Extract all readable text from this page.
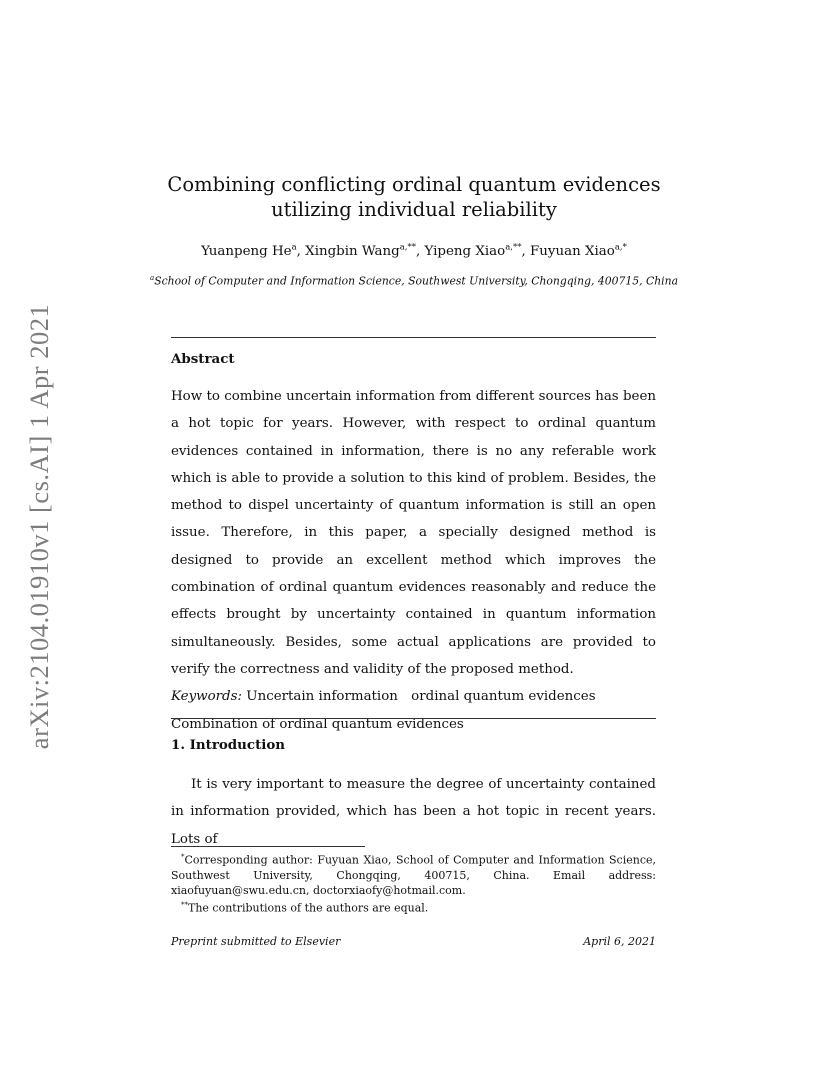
arXiv:2104.01910v1 [cs.AI] 1 Apr 2021
Combining conflicting ordinal quantum evidences
utilizing individual reliability
Yuanpeng He$^a$, Xingbin Wang$^{a,**}$, Yipeng Xiao$^{a,**}$, Fuyuan Xiao$^{a,*}$
$^a$School of Computer and Information Science, Southwest University, Chongqing, 400715, China
Abstract
How to combine uncertain information from different sources has been a hot topic for years. However, with respect to ordinal quantum evidences contained in information, there is no any referable work which is able to provide a solution to this kind of problem. Besides, the method to dispel uncertainty of quantum information is still an open issue. Therefore, in this paper, a specially designed method is designed to provide an excellent method which improves the combination of ordinal quantum evidences reasonably and reduce the effects brought by uncertainty contained in quantum information simultaneously. Besides, some actual applications are provided to verify the correctness and validity of the proposed method.
Keywords: Uncertain information ordinal quantum evidences
Combination of ordinal quantum evidences
1. Introduction
It is very important to measure the degree of uncertainty contained in information provided, which has been a hot topic in recent years. Lots of

*Corresponding author: Fuyuan Xiao, School of Computer and Information Science, Southwest University, Chongqing, 400715, China. Email address: xiaofuyuan@swu.edu.cn, doctorxiaofy@hotmail.com.

**The contributions of the authors are equal.

Preprint submitted to Elsevier	April 6, 2021
